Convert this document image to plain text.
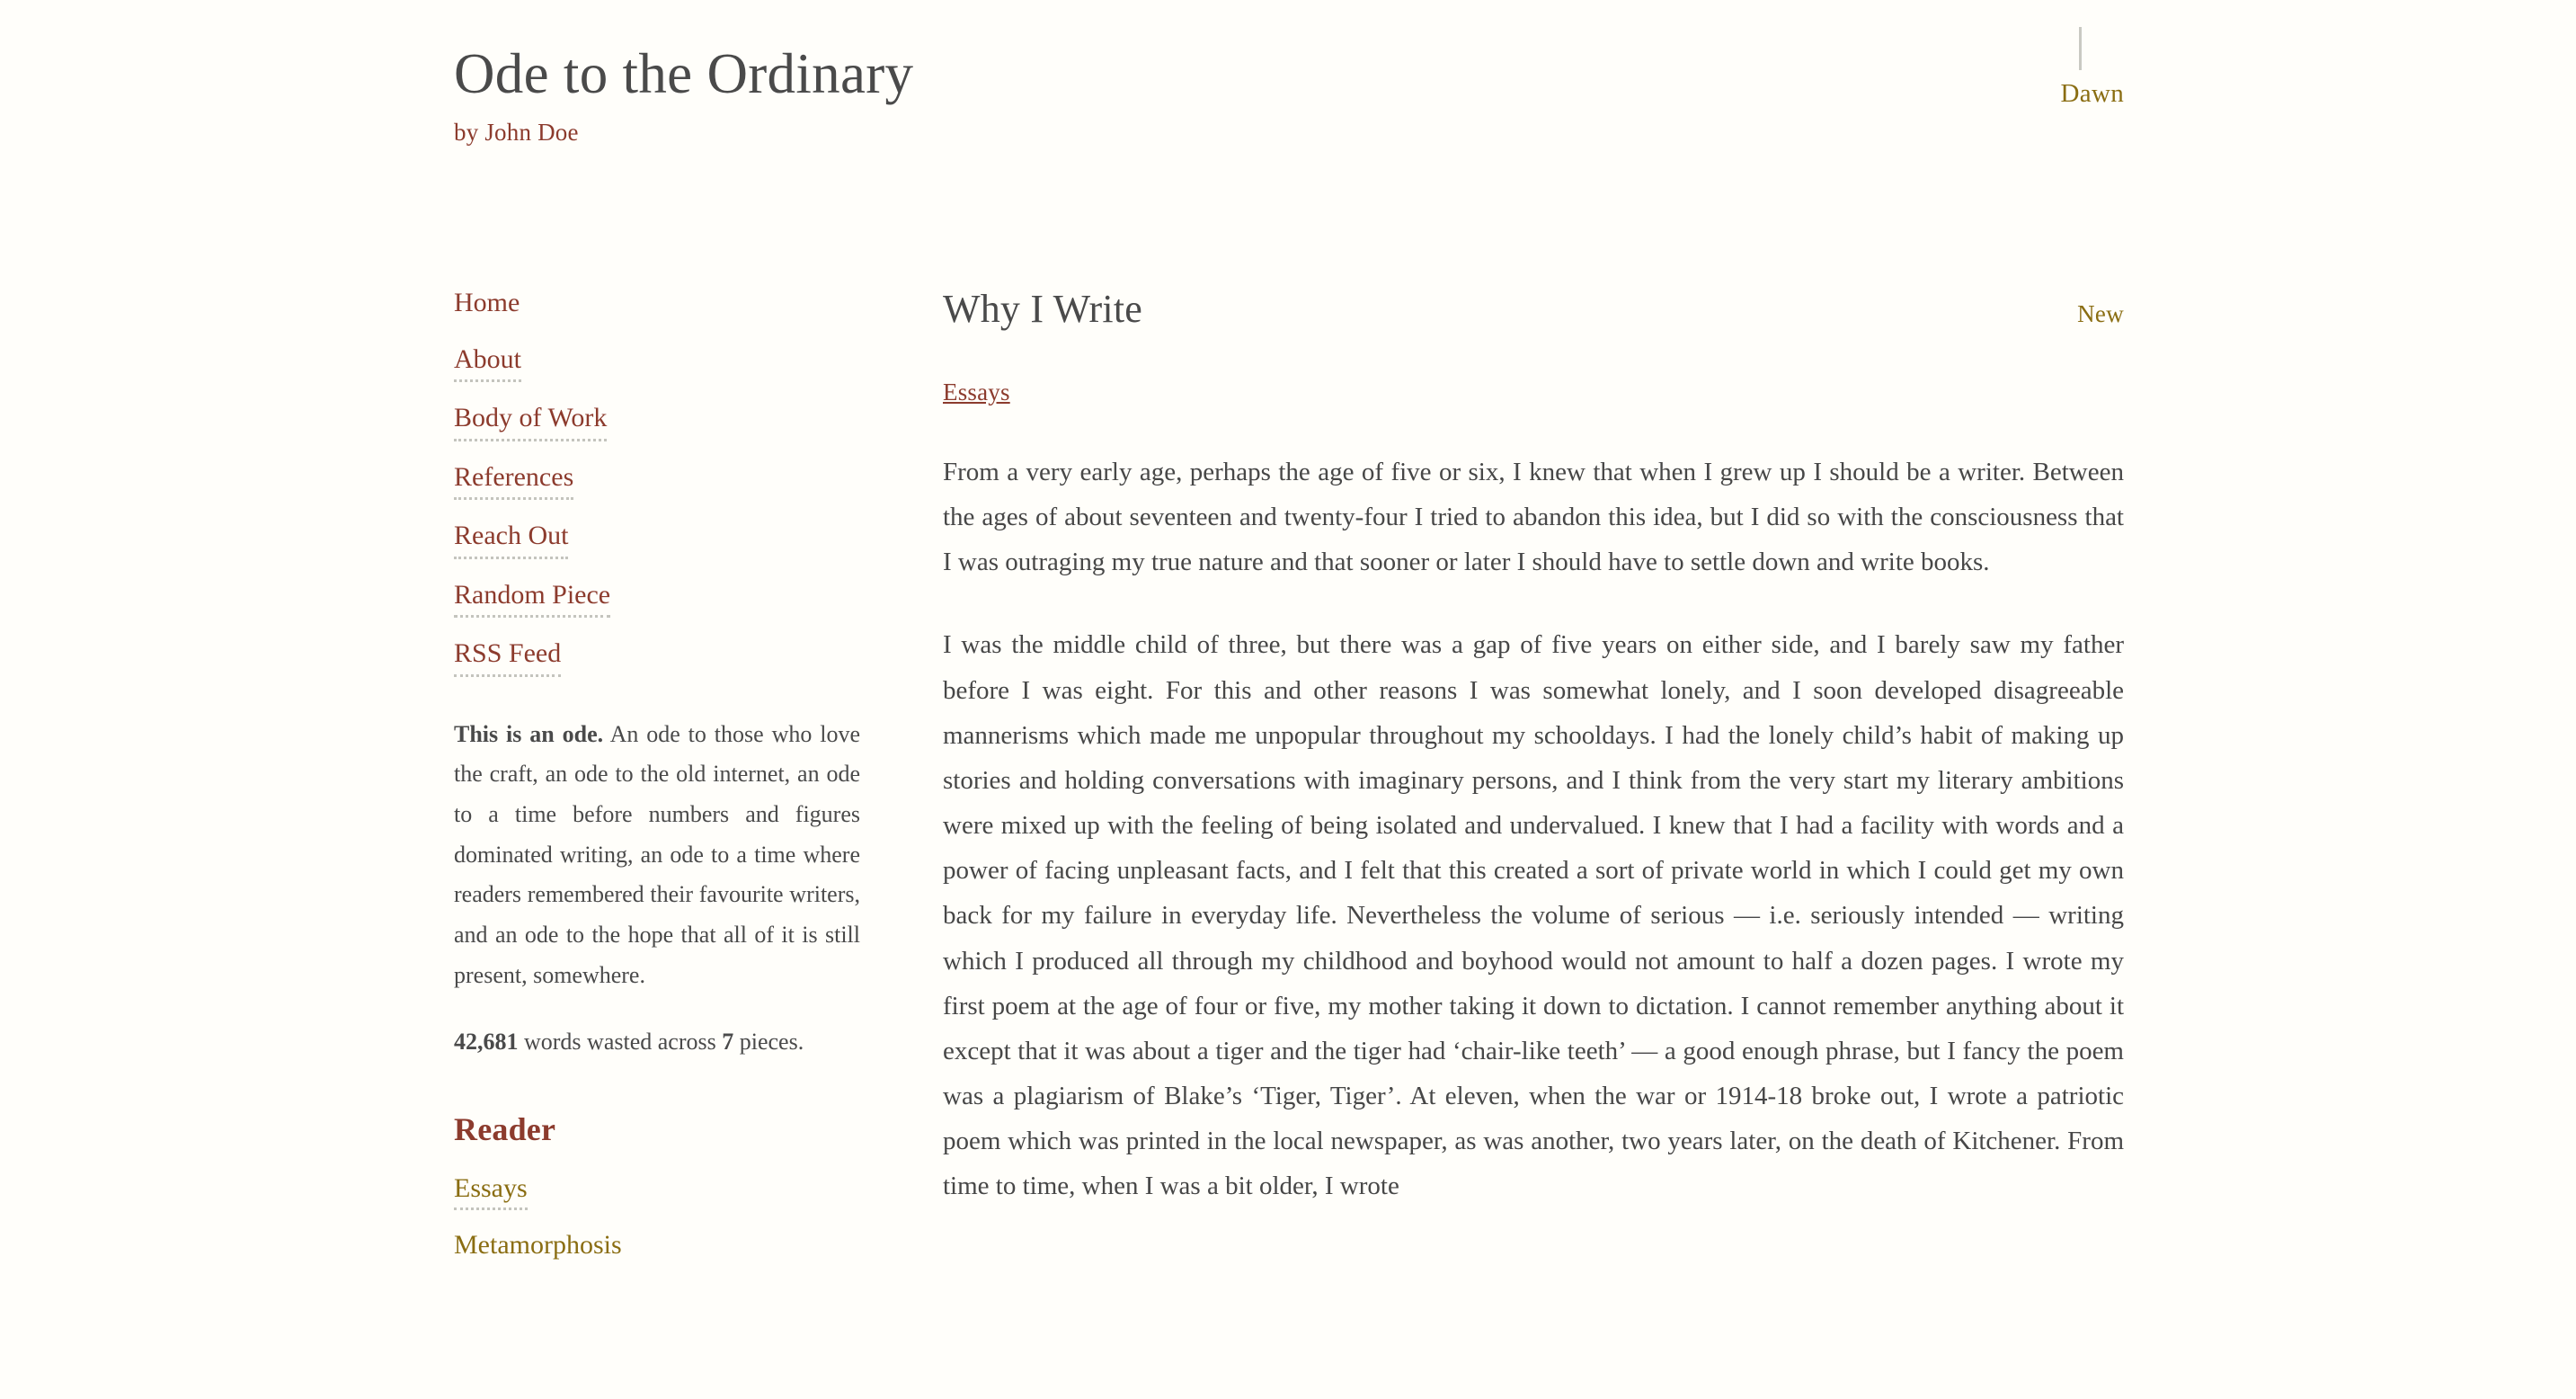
Ode to the Ordinary
by John Doe
Dawn
Home
About
Body of Work
References
Reach Out
Random Piece
RSS Feed

This is an ode. An ode to those who love the craft, an ode to the old internet, an ode to a time before numbers and figures dominated writing, an ode to a time where readers remembered their favourite writers, and an ode to the hope that all of it is still present, somewhere.

42,681 words wasted across 7 pieces.

Reader
Essays
Metamorphosis
Why I Write	New
Essays

From a very early age, perhaps the age of five or six, I knew that when I grew up I should be a writer. Between the ages of about seventeen and twenty-four I tried to abandon this idea, but I did so with the consciousness that I was outraging my true nature and that sooner or later I should have to settle down and write books.

I was the middle child of three, but there was a gap of five years on either side, and I barely saw my father before I was eight. For this and other reasons I was somewhat lonely, and I soon developed disagreeable mannerisms which made me unpopular throughout my schooldays. I had the lonely child’s habit of making up stories and holding conversations with imaginary persons, and I think from the very start my literary ambitions were mixed up with the feeling of being isolated and undervalued. I knew that I had a facility with words and a power of facing unpleasant facts, and I felt that this created a sort of private world in which I could get my own back for my failure in everyday life. Nevertheless the volume of serious — i.e. seriously intended — writing which I produced all through my childhood and boyhood would not amount to half a dozen pages. I wrote my first poem at the age of four or five, my mother taking it down to dictation. I cannot remember anything about it except that it was about a tiger and the tiger had ‘chair-like teeth’ — a good enough phrase, but I fancy the poem was a plagiarism of Blake’s ‘Tiger, Tiger’. At eleven, when the war or 1914-18 broke out, I wrote a patriotic poem which was printed in the local newspaper, as was another, two years later, on the death of Kitchener. From time to time, when I was a bit older, I wrote
